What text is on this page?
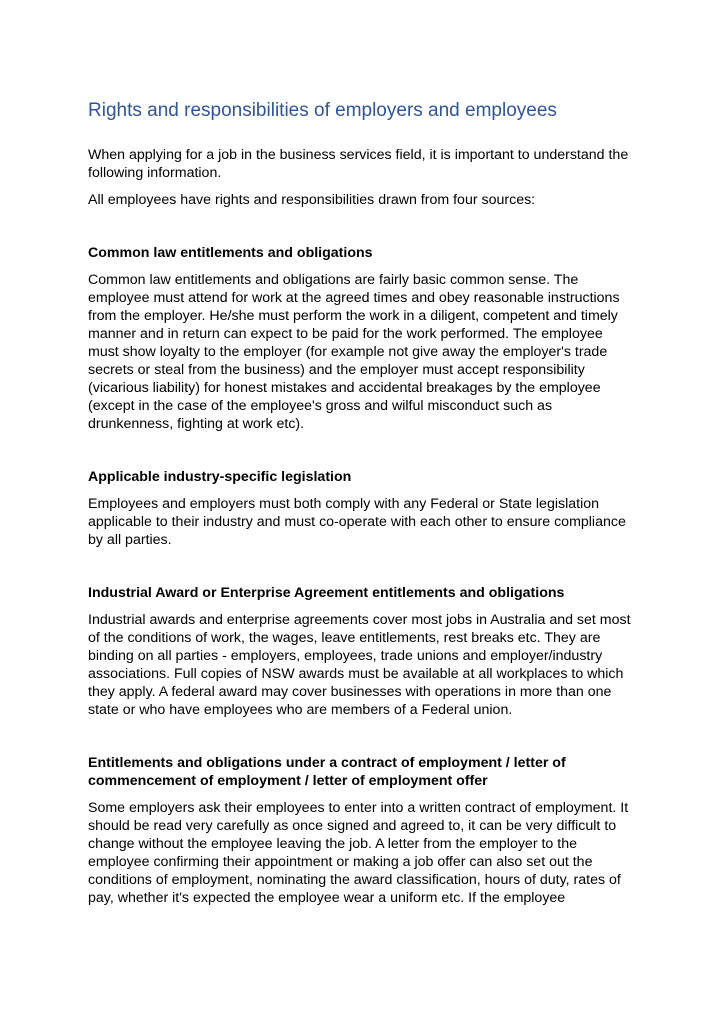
Rights and responsibilities of employers and employees

When applying for a job in the business services field, it is important to understand the following information.

All employees have rights and responsibilities drawn from four sources:

Common law entitlements and obligations

Common law entitlements and obligations are fairly basic common sense. The employee must attend for work at the agreed times and obey reasonable instructions from the employer. He/she must perform the work in a diligent, competent and timely manner and in return can expect to be paid for the work performed. The employee must show loyalty to the employer (for example not give away the employer's trade secrets or steal from the business) and the employer must accept responsibility (vicarious liability) for honest mistakes and accidental breakages by the employee (except in the case of the employee's gross and wilful misconduct such as drunkenness, fighting at work etc).

Applicable industry-specific legislation

Employees and employers must both comply with any Federal or State legislation applicable to their industry and must co-operate with each other to ensure compliance by all parties.

Industrial Award or Enterprise Agreement entitlements and obligations

Industrial awards and enterprise agreements cover most jobs in Australia and set most of the conditions of work, the wages, leave entitlements, rest breaks etc. They are binding on all parties - employers, employees, trade unions and employer/industry associations. Full copies of NSW awards must be available at all workplaces to which they apply. A federal award may cover businesses with operations in more than one state or who have employees who are members of a Federal union.

Entitlements and obligations under a contract of employment / letter of commencement of employment / letter of employment offer

Some employers ask their employees to enter into a written contract of employment. It should be read very carefully as once signed and agreed to, it can be very difficult to change without the employee leaving the job. A letter from the employer to the employee confirming their appointment or making a job offer can also set out the conditions of employment, nominating the award classification, hours of duty, rates of pay, whether it's expected the employee wear a uniform etc. If the employee
